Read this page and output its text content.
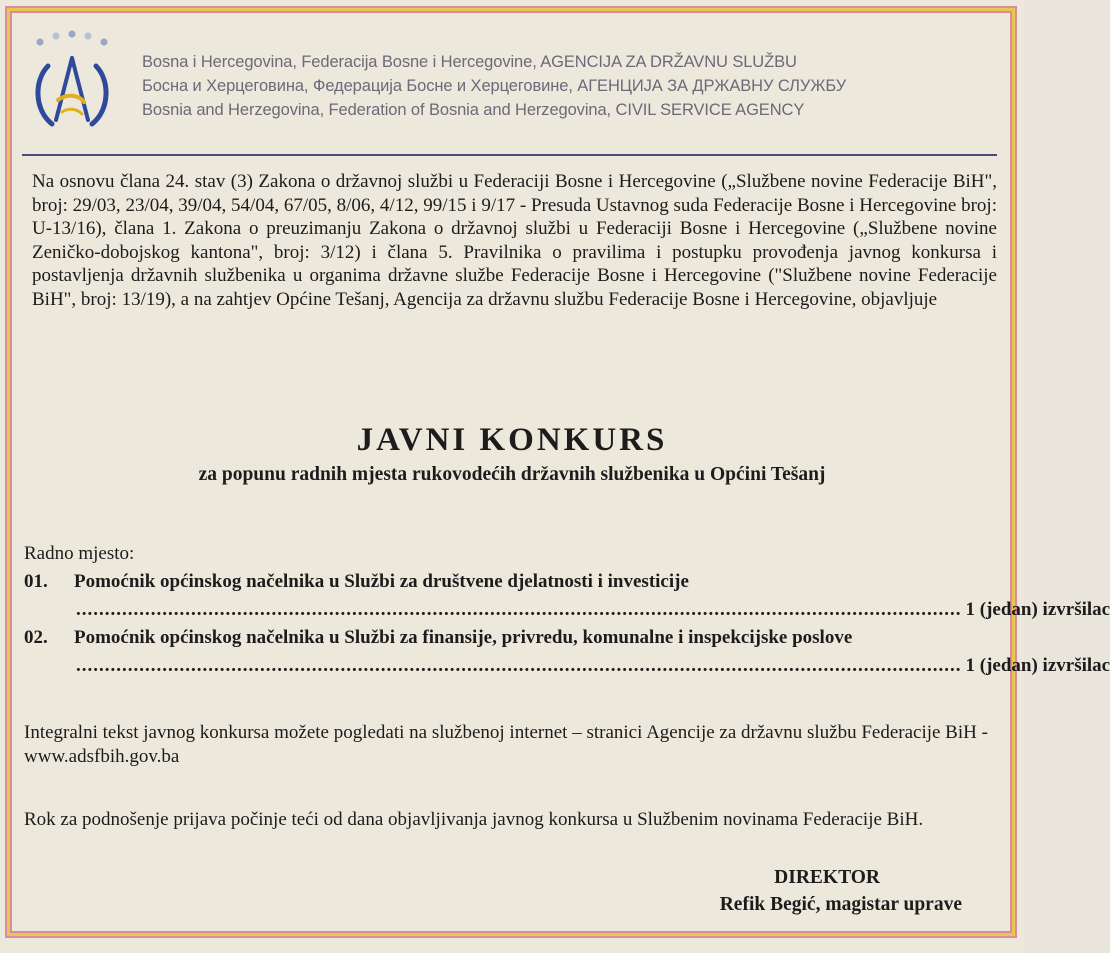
Bosna i Hercegovina, Federacija Bosne i Hercegovine, AGENCIJA ZA DRŽAVNU SLUŽBU
Босна и Херцеговина, Федерација Босне и Херцеговине, АГЕНЦИЈА ЗА ДРЖАВНУ СЛУЖБУ
Bosnia and Herzegovina, Federation of Bosnia and Herzegovina, CIVIL SERVICE AGENCY
Na osnovu člana 24. stav (3) Zakona o državnoj službi u Federaciji Bosne i Hercegovine („Službene novine Federacije BiH", broj: 29/03, 23/04, 39/04, 54/04, 67/05, 8/06, 4/12, 99/15 i 9/17 - Presuda Ustavnog suda Federacije Bosne i Hercegovine broj: U-13/16), člana 1. Zakona o preuzimanju Zakona o državnoj službi u Federaciji Bosne i Hercegovine („Službene novine Zeničko-dobojskog kantona", broj: 3/12) i člana 5. Pravilnika o pravilima i postupku provođenja javnog konkursa i postavljenja državnih službenika u organima državne službe Federacije Bosne i Hercegovine ("Službene novine Federacije BiH", broj: 13/19), a na zahtjev Općine Tešanj, Agencija za državnu službu Federacije Bosne i Hercegovine, objavljuje
JAVNI KONKURS
za popunu radnih mjesta rukovodećih državnih službenika u Općini Tešanj
Radno mjesto:
01. Pomoćnik općinskog načelnika u Službi za društvene djelatnosti i investicije
.......................................................................................................................................................... 1 (jedan) izvršilac
02. Pomoćnik općinskog načelnika u Službi za finansije, privredu, komunalne i inspekcijske poslove
.......................................................................................................................................................... 1 (jedan) izvršilac
Integralni tekst javnog konkursa možete pogledati na službenoj internet – stranici Agencije za državnu službu Federacije BiH - www.adsfbih.gov.ba
Rok za podnošenje prijava počinje teći od dana objavljivanja javnog konkursa u Službenim novinama Federacije BiH.
DIREKTOR
Refik Begić, magistar uprave
